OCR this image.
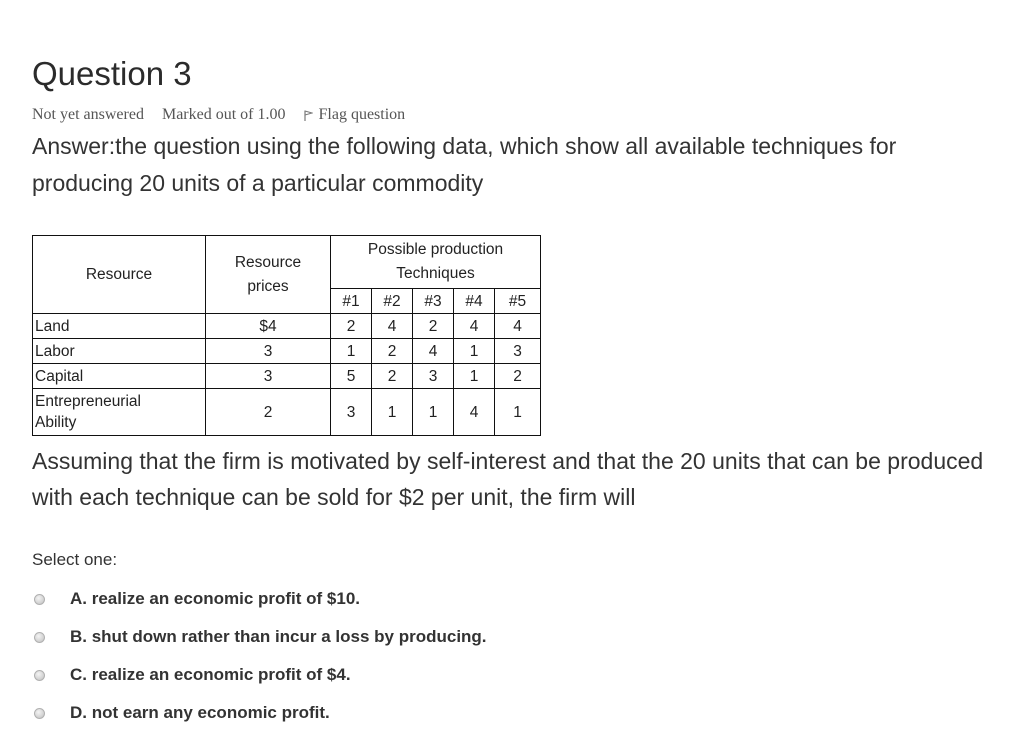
Question 3
Not yet answered Marked out of 1.00 Flag question
Answer:the question using the following data, which show all available techniques for producing 20 units of a particular commodity
Resource	Resource prices	Possible production Techniques				

		#1	#2	#3	#4	#5
Land	$4	2	4	2	4	4
Labor	3	1	2	4	1	3
Capital	3	5	2	3	1	2

Entrepreneurial Ability	2	3	1	1	4	1
Assuming that the firm is motivated by self-interest and that the 20 units that can be produced with each technique can be sold for $2 per unit, the firm will
Select one:
A. realize an economic profit of $10.
B. shut down rather than incur a loss by producing.
C. realize an economic profit of $4.
D. not earn any economic profit.
